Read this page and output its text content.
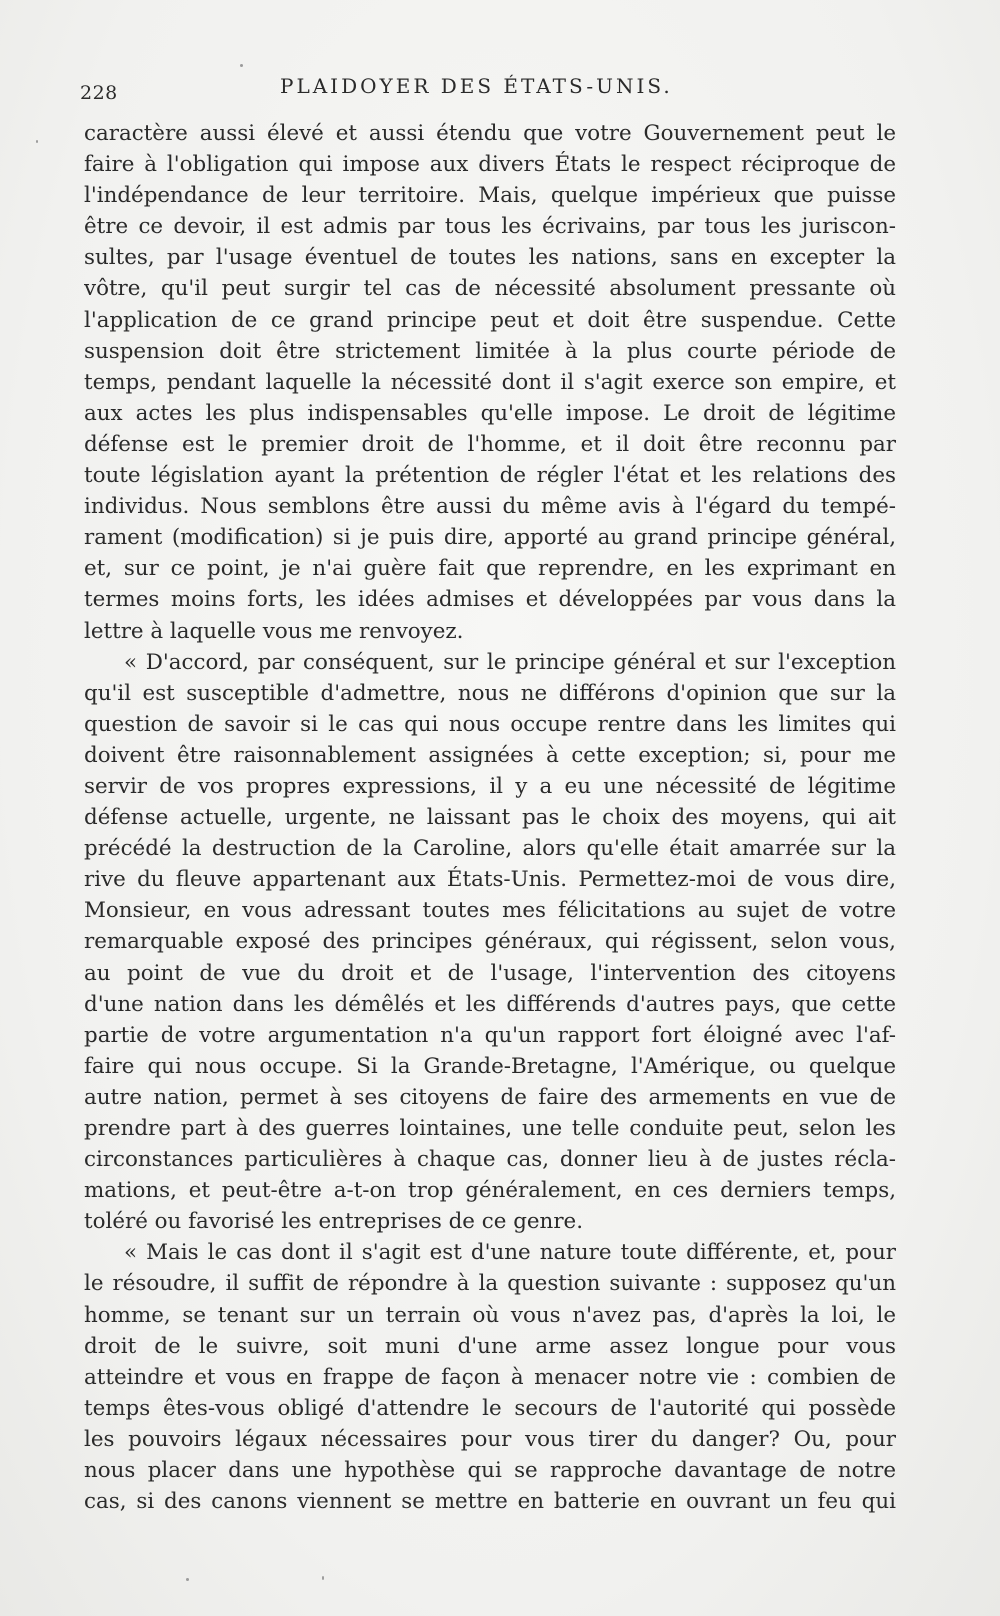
228	PLAIDOYER DES ÉTATS-UNIS.
caractère aussi élevé et aussi étendu que votre Gouvernement peut le
faire à l'obligation qui impose aux divers États le respect réciproque de
l'indépendance de leur territoire. Mais, quelque impérieux que puisse
être ce devoir, il est admis par tous les écrivains, par tous les juriscon-
sultes, par l'usage éventuel de toutes les nations, sans en excepter la
vôtre, qu'il peut surgir tel cas de nécessité absolument pressante où
l'application de ce grand principe peut et doit être suspendue. Cette
suspension doit être strictement limitée à la plus courte période de
temps, pendant laquelle la nécessité dont il s'agit exerce son empire, et
aux actes les plus indispensables qu'elle impose. Le droit de légitime
défense est le premier droit de l'homme, et il doit être reconnu par
toute législation ayant la prétention de régler l'état et les relations des
individus. Nous semblons être aussi du même avis à l'égard du tempé-
rament (modification) si je puis dire, apporté au grand principe général,
et, sur ce point, je n'ai guère fait que reprendre, en les exprimant en
termes moins forts, les idées admises et développées par vous dans la
lettre à laquelle vous me renvoyez.
« D'accord, par conséquent, sur le principe général et sur l'exception
qu'il est susceptible d'admettre, nous ne différons d'opinion que sur la
question de savoir si le cas qui nous occupe rentre dans les limites qui
doivent être raisonnablement assignées à cette exception; si, pour me
servir de vos propres expressions, il y a eu une nécessité de légitime
défense actuelle, urgente, ne laissant pas le choix des moyens, qui ait
précédé la destruction de la Caroline, alors qu'elle était amarrée sur la
rive du fleuve appartenant aux États-Unis. Permettez-moi de vous dire,
Monsieur, en vous adressant toutes mes félicitations au sujet de votre
remarquable exposé des principes généraux, qui régissent, selon vous,
au point de vue du droit et de l'usage, l'intervention des citoyens
d'une nation dans les démêlés et les différends d'autres pays, que cette
partie de votre argumentation n'a qu'un rapport fort éloigné avec l'af-
faire qui nous occupe. Si la Grande-Bretagne, l'Amérique, ou quelque
autre nation, permet à ses citoyens de faire des armements en vue de
prendre part à des guerres lointaines, une telle conduite peut, selon les
circonstances particulières à chaque cas, donner lieu à de justes récla-
mations, et peut-être a-t-on trop généralement, en ces derniers temps,
toléré ou favorisé les entreprises de ce genre.
« Mais le cas dont il s'agit est d'une nature toute différente, et, pour
le résoudre, il suffit de répondre à la question suivante : supposez qu'un
homme, se tenant sur un terrain où vous n'avez pas, d'après la loi, le
droit de le suivre, soit muni d'une arme assez longue pour vous
atteindre et vous en frappe de façon à menacer notre vie : combien de
temps êtes-vous obligé d'attendre le secours de l'autorité qui possède
les pouvoirs légaux nécessaires pour vous tirer du danger? Ou, pour
nous placer dans une hypothèse qui se rapproche davantage de notre
cas, si des canons viennent se mettre en batterie en ouvrant un feu qui
